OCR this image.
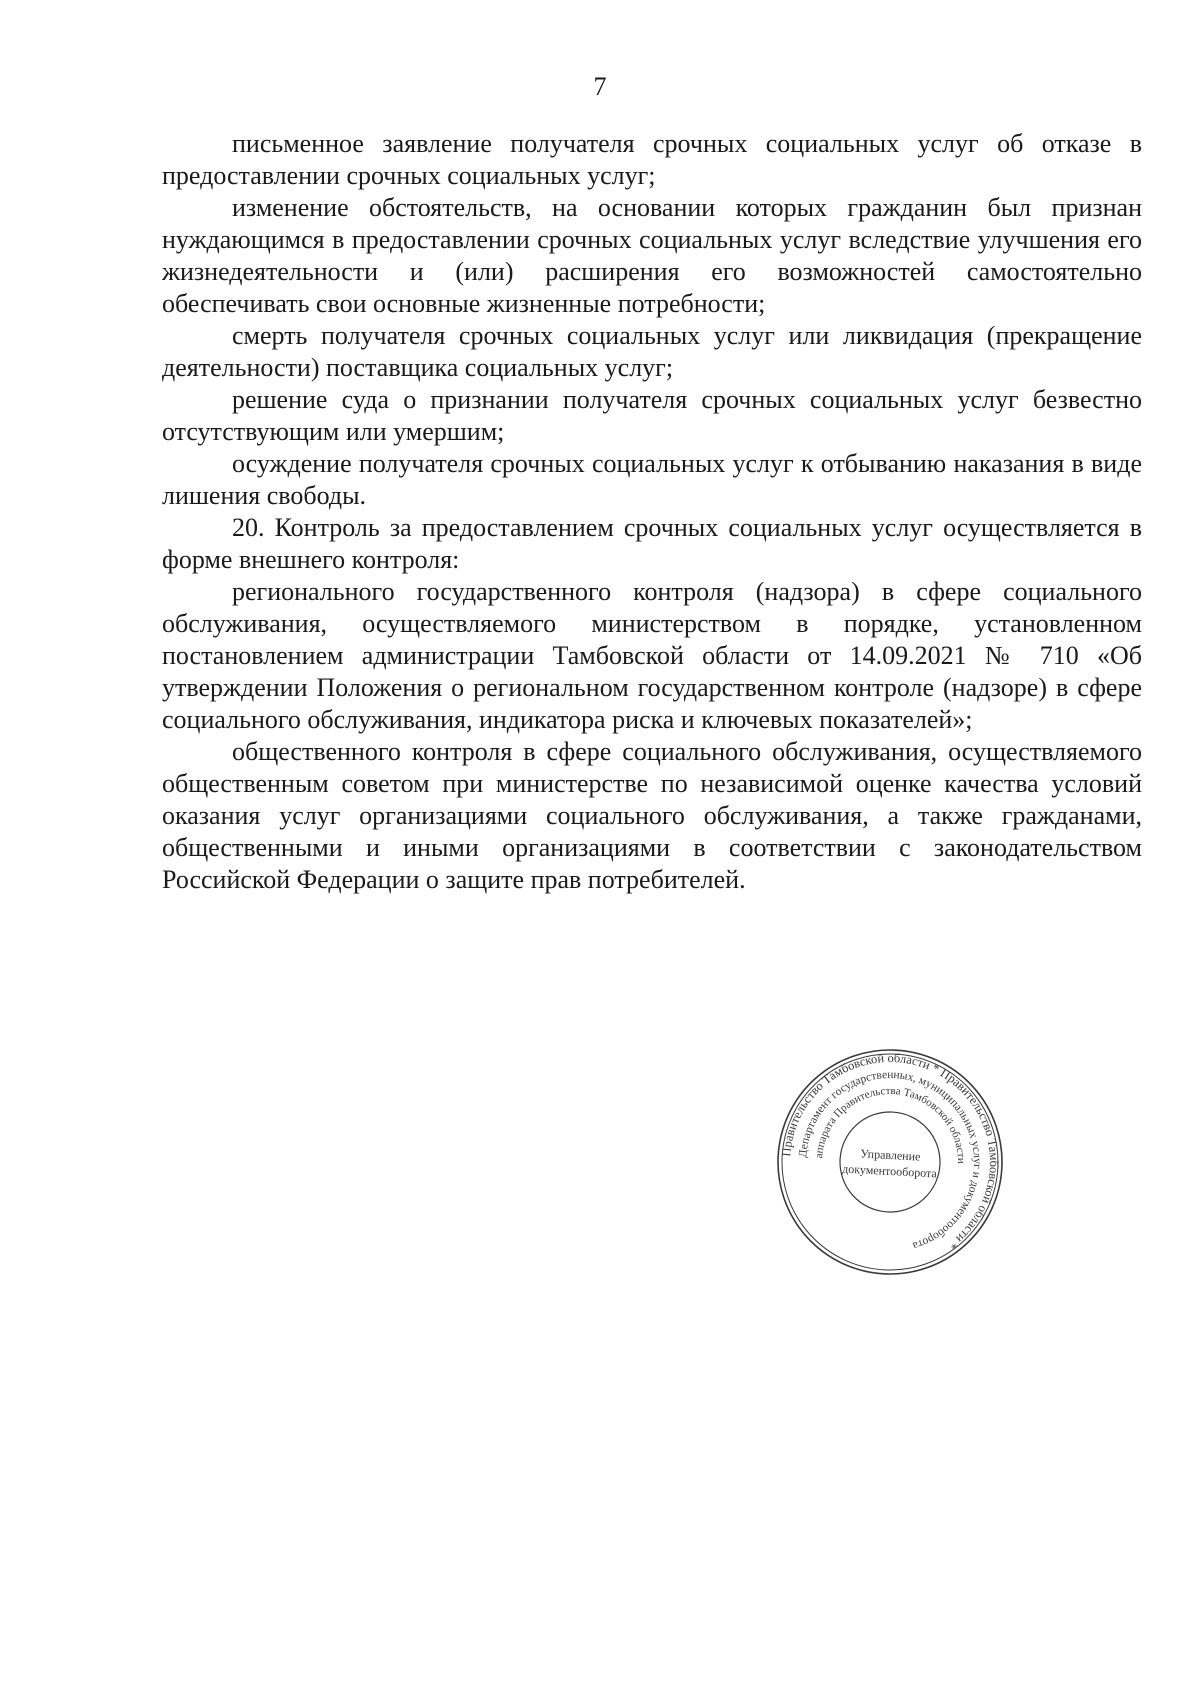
7

письменное заявление получателя срочных социальных услуг об отказе в предоставлении срочных социальных услуг;

изменение обстоятельств, на основании которых гражданин был признан нуждающимся в предоставлении срочных социальных услуг вследствие улучшения его жизнедеятельности и (или) расширения его возможностей самостоятельно обеспечивать свои основные жизненные потребности;

смерть получателя срочных социальных услуг или ликвидация (прекращение деятельности) поставщика социальных услуг;

решение суда о признании получателя срочных социальных услуг безвестно отсутствующим или умершим;

осуждение получателя срочных социальных услуг к отбыванию наказания в виде лишения свободы.

20. Контроль за предоставлением срочных социальных услуг осуществляется в форме внешнего контроля:

регионального государственного контроля (надзора) в сфере социального обслуживания, осуществляемого министерством в порядке, установленном постановлением администрации Тамбовской области от 14.09.2021 № 710 «Об утверждении Положения о региональном государственном контроле (надзоре) в сфере социального обслуживания, индикатора риска и ключевых показателей»;

общественного контроля в сфере социального обслуживания, осуществляемого общественным советом при министерстве по независимой оценке качества условий оказания услуг организациями социального обслуживания, а также гражданами, общественными и иными организациями в соответствии с законодательством Российской Федерации о защите прав потребителей.

Правительство Тамбовской области * Правительство Тамбовской области *
Департамент государственных, муниципальных услуг и документооборота
аппарата Правительства Тамбовской области
Управление
документооборота
